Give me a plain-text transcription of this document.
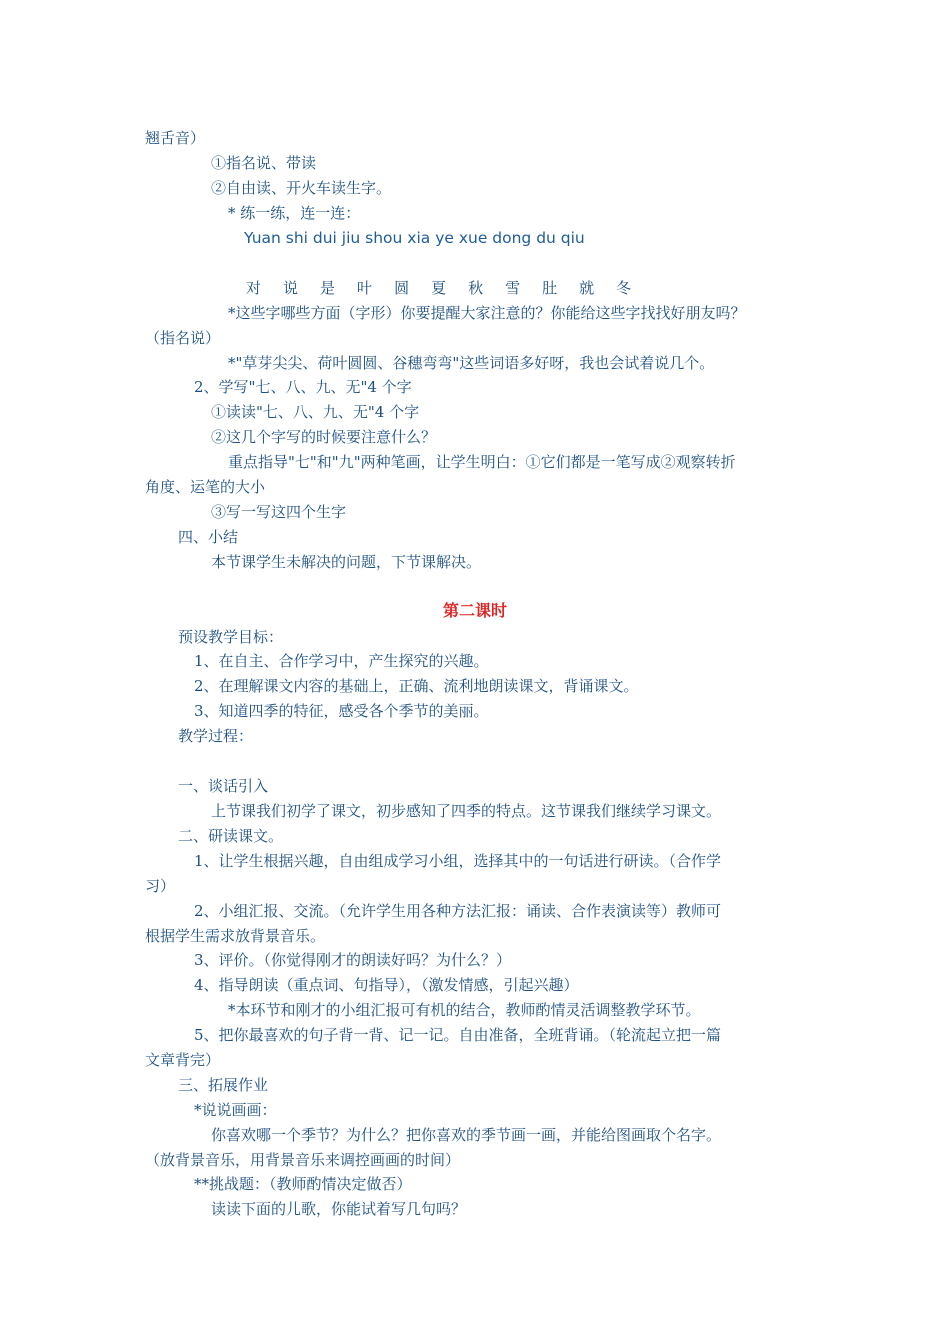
翘舌音）
①指名说、带读
②自由读、开火车读生字。
* 练一练，连一连：
Yuan shi dui jiu shou xia ye xue dong du qiu
对 说 是 叶 圆 夏 秋 雪 肚 就 冬
*这些字哪些方面（字形）你要提醒大家注意的？你能给这些字找找好朋友吗？
（指名说）
*"草芽尖尖、荷叶圆圆、谷穗弯弯"这些词语多好呀，我也会试着说几个。
2、学写"七、八、九、无"4 个字
①读读"七、八、九、无"4 个字
②这几个字写的时候要注意什么？
重点指导"七"和"九"两种笔画，让学生明白：①它们都是一笔写成②观察转折
角度、运笔的大小
③写一写这四个生字
四、小结
本节课学生未解决的问题，下节课解决。
第二课时
预设教学目标：
1、在自主、合作学习中，产生探究的兴趣。
2、在理解课文内容的基础上，正确、流利地朗读课文，背诵课文。
3、知道四季的特征，感受各个季节的美丽。
教学过程：
一、谈话引入
上节课我们初学了课文，初步感知了四季的特点。这节课我们继续学习课文。
二、研读课文。
1、让学生根据兴趣，自由组成学习小组，选择其中的一句话进行研读。（合作学
习）
2、小组汇报、交流。（允许学生用各种方法汇报：诵读、合作表演读等）教师可
根据学生需求放背景音乐。
3、评价。（你觉得刚才的朗读好吗？为什么？）
4、指导朗读（重点词、句指导），（激发情感，引起兴趣）
*本环节和刚才的小组汇报可有机的结合，教师酌情灵活调整教学环节。
5、把你最喜欢的句子背一背、记一记。自由准备，全班背诵。（轮流起立把一篇
文章背完）
三、拓展作业
*说说画画：
你喜欢哪一个季节？为什么？把你喜欢的季节画一画，并能给图画取个名字。
（放背景音乐，用背景音乐来调控画画的时间）
**挑战题：（教师酌情决定做否）
读读下面的儿歌，你能试着写几句吗？
